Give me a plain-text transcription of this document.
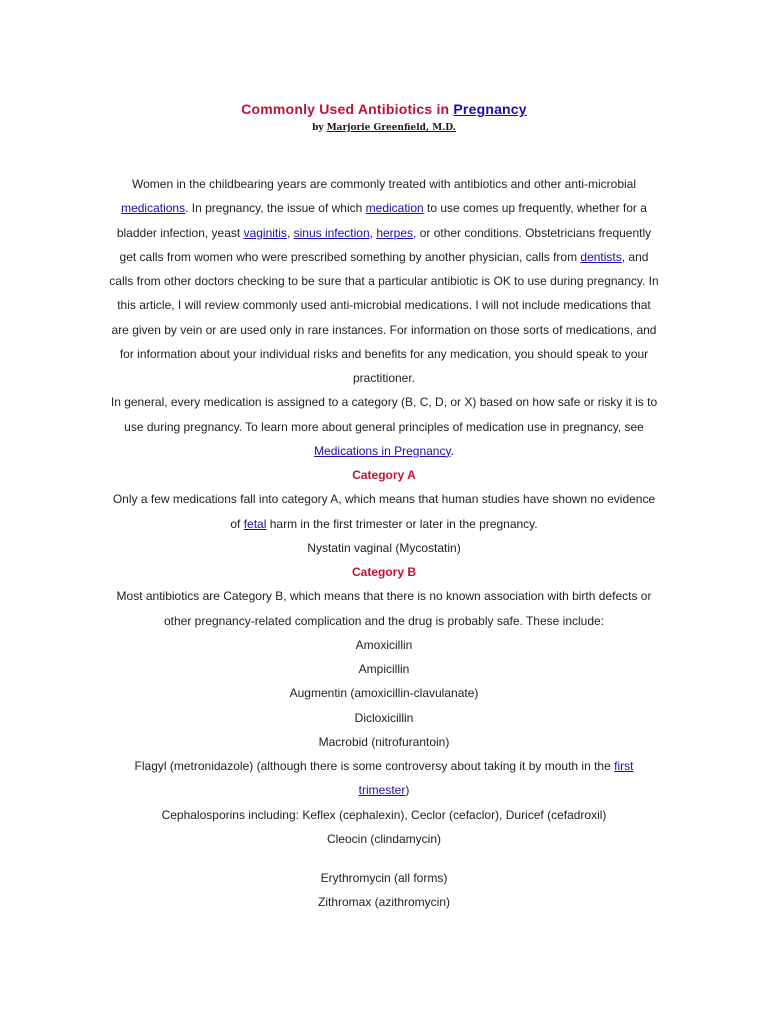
Commonly Used Antibiotics in Pregnancy
by Marjorie Greenfield, M.D.

Women in the childbearing years are commonly treated with antibiotics and other anti-microbial medications. In pregnancy, the issue of which medication to use comes up frequently, whether for a bladder infection, yeast vaginitis, sinus infection, herpes, or other conditions. Obstetricians frequently get calls from women who were prescribed something by another physician, calls from dentists, and calls from other doctors checking to be sure that a particular antibiotic is OK to use during pregnancy. In this article, I will review commonly used anti-microbial medications. I will not include medications that are given by vein or are used only in rare instances. For information on those sorts of medications, and for information about your individual risks and benefits for any medication, you should speak to your practitioner.

In general, every medication is assigned to a category (B, C, D, or X) based on how safe or risky it is to use during pregnancy. To learn more about general principles of medication use in pregnancy, see Medications in Pregnancy.

Category A

Only a few medications fall into category A, which means that human studies have shown no evidence of fetal harm in the first trimester or later in the pregnancy.

Nystatin vaginal (Mycostatin)

Category B

Most antibiotics are Category B, which means that there is no known association with birth defects or other pregnancy-related complication and the drug is probably safe. These include:

Amoxicillin

Ampicillin

Augmentin (amoxicillin-clavulanate)

Dicloxicillin

Macrobid (nitrofurantoin)

Flagyl (metronidazole) (although there is some controversy about taking it by mouth in the first trimester)

Cephalosporins including: Keflex (cephalexin), Ceclor (cefaclor), Duricef (cefadroxil)

Cleocin (clindamycin)

Erythromycin (all forms)

Zithromax (azithromycin)
